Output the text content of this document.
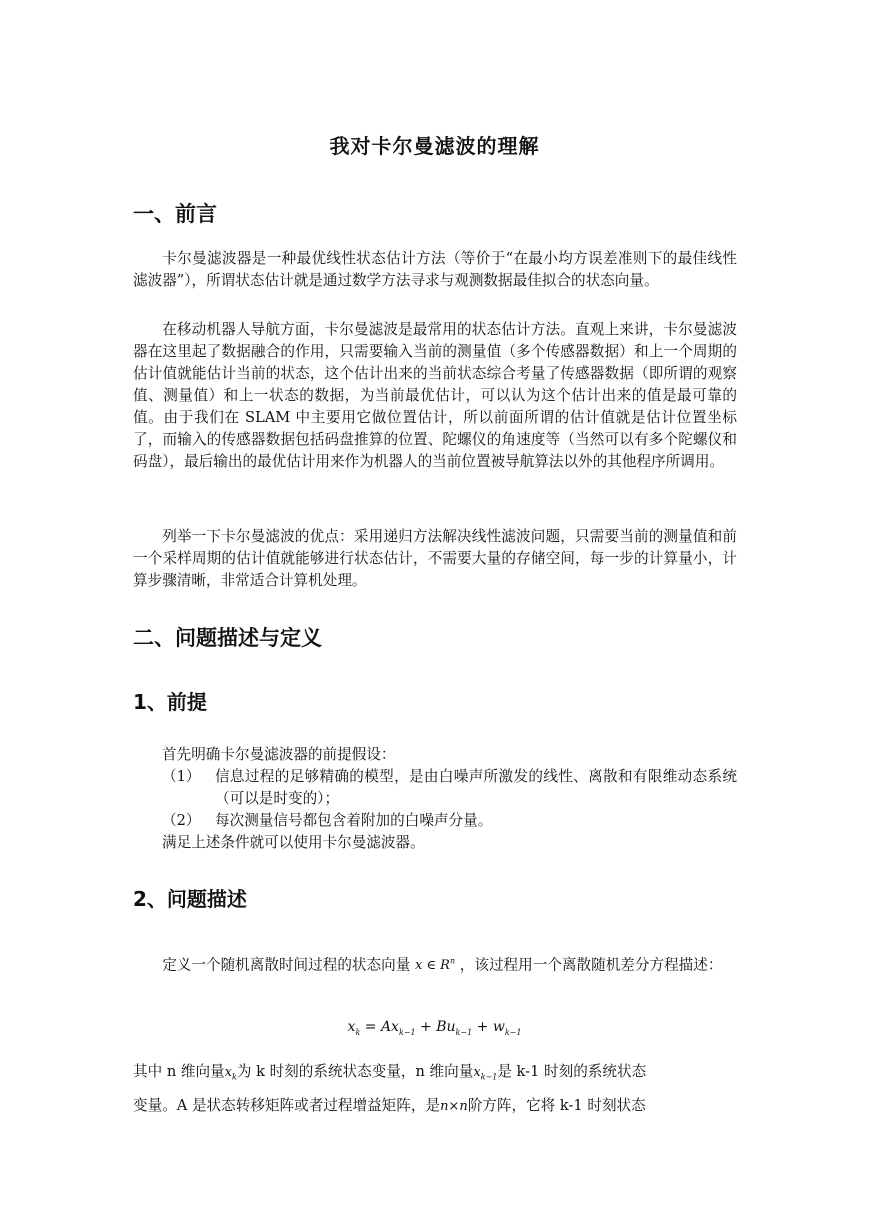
我对卡尔曼滤波的理解
一、前言

卡尔曼滤波器是一种最优线性状态估计方法（等价于“在最小均方误差准则下的最佳线性滤波器”），所谓状态估计就是通过数学方法寻求与观测数据最佳拟合的状态向量。

在移动机器人导航方面，卡尔曼滤波是最常用的状态估计方法。直观上来讲，卡尔曼滤波器在这里起了数据融合的作用，只需要输入当前的测量值（多个传感器数据）和上一个周期的估计值就能估计当前的状态，这个估计出来的当前状态综合考量了传感器数据（即所谓的观察值、测量值）和上一状态的数据，为当前最优估计，可以认为这个估计出来的值是最可靠的值。由于我们在 SLAM 中主要用它做位置估计，所以前面所谓的估计值就是估计位置坐标了，而输入的传感器数据包括码盘推算的位置、陀螺仪的角速度等（当然可以有多个陀螺仪和码盘），最后输出的最优估计用来作为机器人的当前位置被导航算法以外的其他程序所调用。

列举一下卡尔曼滤波的优点：采用递归方法解决线性滤波问题，只需要当前的测量值和前一个采样周期的估计值就能够进行状态估计，不需要大量的存储空间，每一步的计算量小，计算步骤清晰，非常适合计算机处理。

二、问题描述与定义
1、前提

首先明确卡尔曼滤波器的前提假设：

（1） 信息过程的足够精确的模型，是由白噪声所激发的线性、离散和有限维动态系统（可以是时变的）；
（2） 每次测量信号都包含着附加的白噪声分量。

满足上述条件就可以使用卡尔曼滤波器。

2、问题描述
定义一个随机离散时间过程的状态向量 x ∈ $R^n$ ，该过程用一个离散随机差分方程描述：
$x_k = Ax_{k-1} + Bu_{k-1} + w_{k-1}$
其中 n 维向量$x_k$为 k 时刻的系统状态变量，n 维向量$x_{k-1}$是 k-1 时刻的系统状态
变量。A 是状态转移矩阵或者过程增益矩阵，是n×n阶方阵，它将 k-1 时刻状态
